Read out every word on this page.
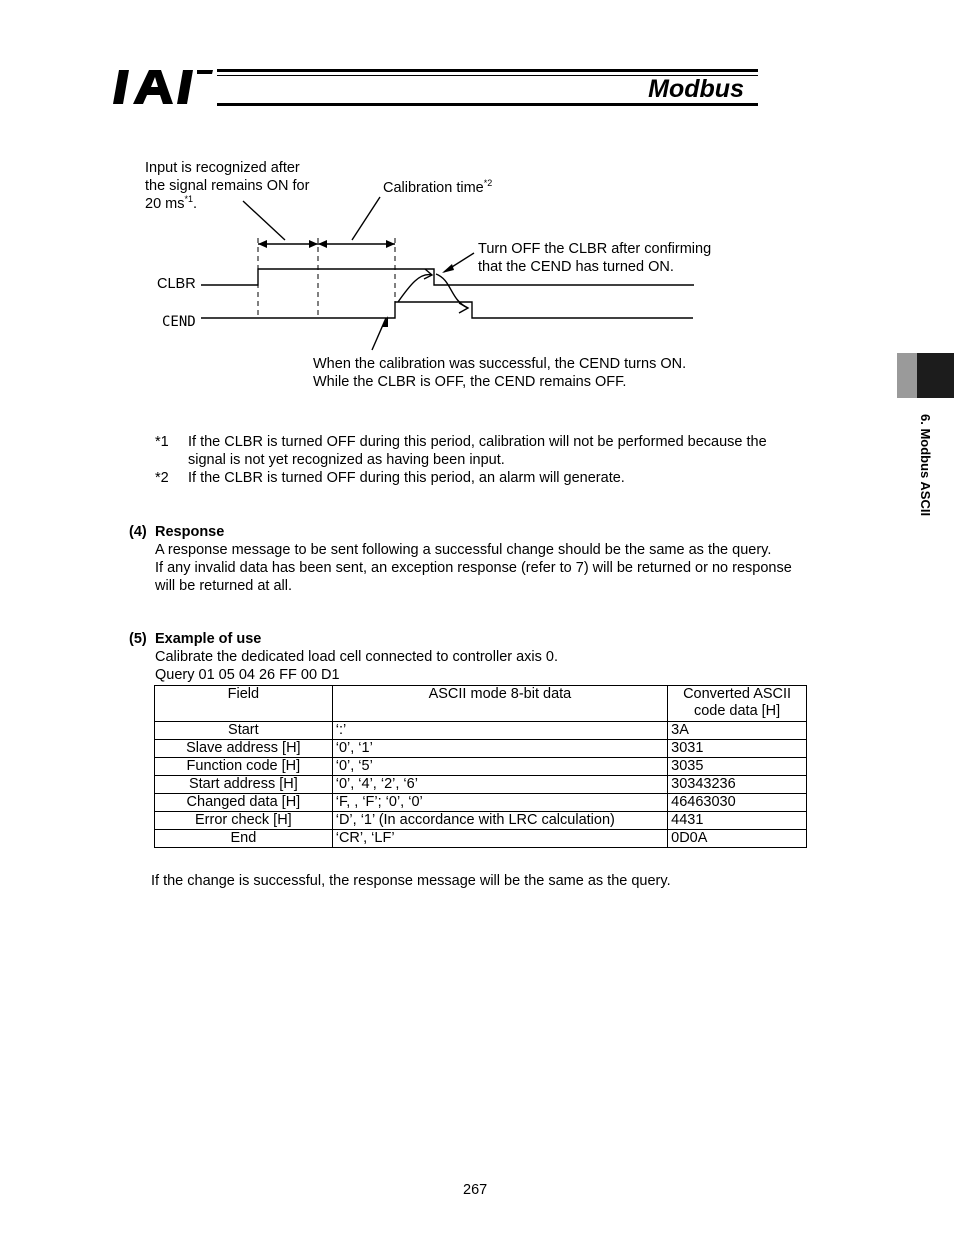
Modbus
6. Modbus ASCII
Input is recognized after
the signal remains ON for
20 $ms^{*1}$.
Calibration time$^{*2}$
Turn OFF the CLBR after confirming
that the CEND has turned ON.
CLBR
CEND
When the calibration was successful, the CEND turns ON.
While the CLBR is OFF, the CEND remains OFF.
*1 If the CLBR is turned OFF during this period, calibration will not be performed because the
signal is not yet recognized as having been input.
*2 If the CLBR is turned OFF during this period, an alarm will generate.
(4) Response
A response message to be sent following a successful change should be the same as the query.
If any invalid data has been sent, an exception response (refer to 7) will be returned or no response
will be returned at all.
(5) Example of use
Calibrate the dedicated load cell connected to controller axis 0.
Query 01 05 04 26 FF 00 D1
Field	ASCII mode 8-bit data	Converted ASCII code data [H]
Start	‘:’	3A
Slave address [H]	‘0’, ‘1’	3031
Function code [H]	‘0’, ‘5’	3035
Start address [H]	‘0’, ‘4’, ‘2’, ‘6’	30343236
Changed data [H]	‘F, , ‘F’; ‘0’, ‘0’	46463030
Error check [H]	‘D’, ‘1’ (In accordance with LRC calculation)	4431
End	‘CR’, ‘LF’	0D0A
If the change is successful, the response message will be the same as the query.
267
